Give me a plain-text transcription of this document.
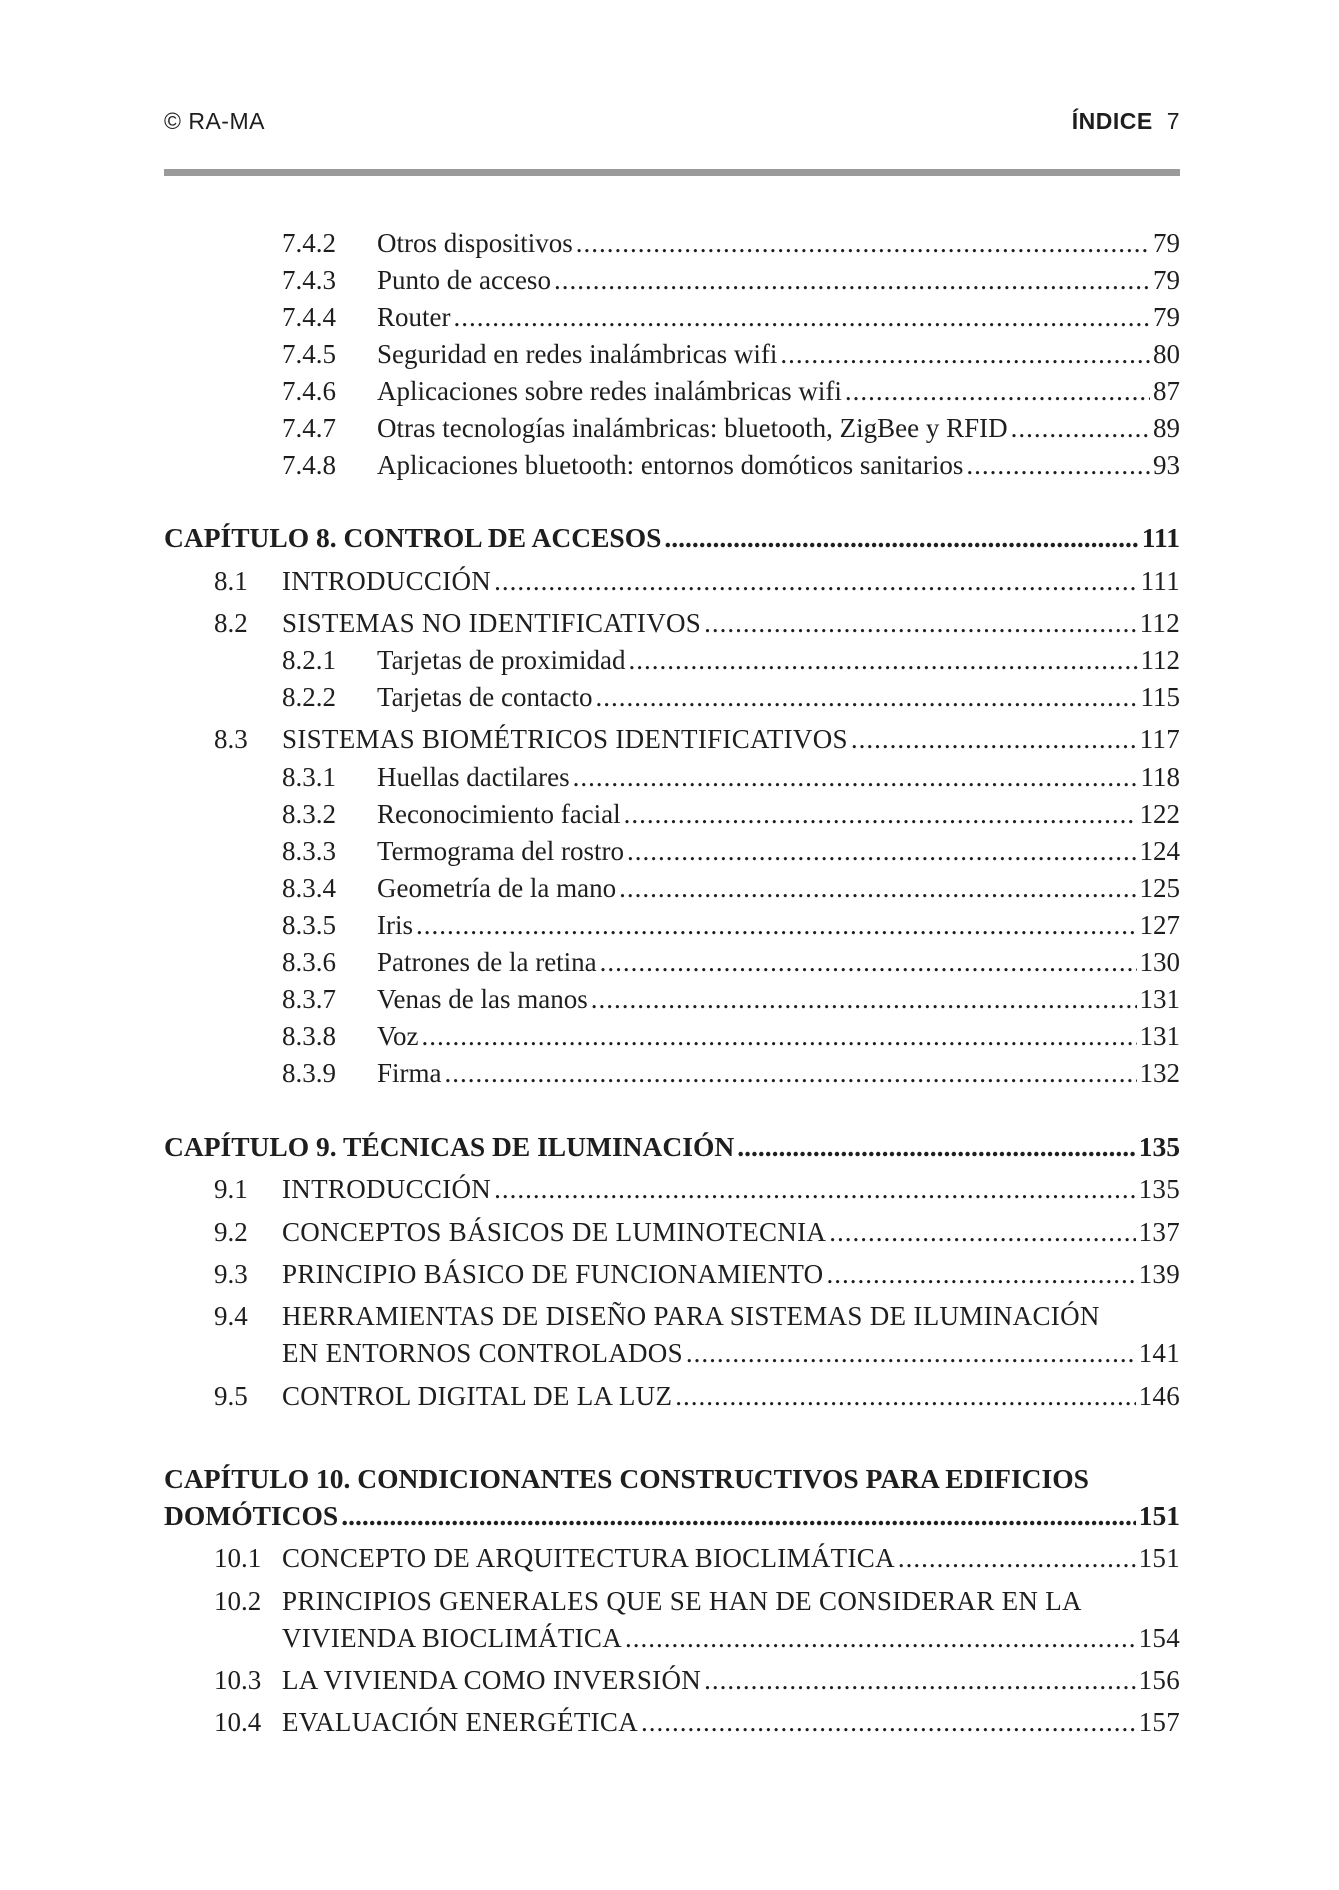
© RA-MA	ÍNDICE 7
7.4.2 Otros dispositivos .....	79
7.4.3 Punto de acceso .....	79
7.4.4 Router .....	79
7.4.5 Seguridad en redes inalámbricas wifi .....	80
7.4.6 Aplicaciones sobre redes inalámbricas wifi .....	87
7.4.7 Otras tecnologías inalámbricas: bluetooth, ZigBee y RFID .....	89
7.4.8 Aplicaciones bluetooth: entornos domóticos sanitarios .....	93
CAPÍTULO 8. CONTROL DE ACCESOS .....	111
8.1 INTRODUCCIÓN .....	111
8.2 SISTEMAS NO IDENTIFICATIVOS .....	112
8.2.1 Tarjetas de proximidad .....	112
8.2.2 Tarjetas de contacto .....	115
8.3 SISTEMAS BIOMÉTRICOS IDENTIFICATIVOS .....	117
8.3.1 Huellas dactilares .....	118
8.3.2 Reconocimiento facial .....	122
8.3.3 Termograma del rostro .....	124
8.3.4 Geometría de la mano .....	125
8.3.5 Iris .....	127
8.3.6 Patrones de la retina .....	130
8.3.7 Venas de las manos .....	131
8.3.8 Voz .....	131
8.3.9 Firma .....	132
CAPÍTULO 9. TÉCNICAS DE ILUMINACIÓN .....	135
9.1 INTRODUCCIÓN .....	135
9.2 CONCEPTOS BÁSICOS DE LUMINOTECNIA .....	137
9.3 PRINCIPIO BÁSICO DE FUNCIONAMIENTO .....	139
9.4 HERRAMIENTAS DE DISEÑO PARA SISTEMAS DE ILUMINACIÓN
EN ENTORNOS CONTROLADOS .....	141
9.5 CONTROL DIGITAL DE LA LUZ .....	146
CAPÍTULO 10. CONDICIONANTES CONSTRUCTIVOS PARA EDIFICIOS
DOMÓTICOS .....	151
10.1 CONCEPTO DE ARQUITECTURA BIOCLIMÁTICA .....	151
10.2 PRINCIPIOS GENERALES QUE SE HAN DE CONSIDERAR EN LA
VIVIENDA BIOCLIMÁTICA .....	154
10.3 LA VIVIENDA COMO INVERSIÓN .....	156
10.4 EVALUACIÓN ENERGÉTICA .....	157
